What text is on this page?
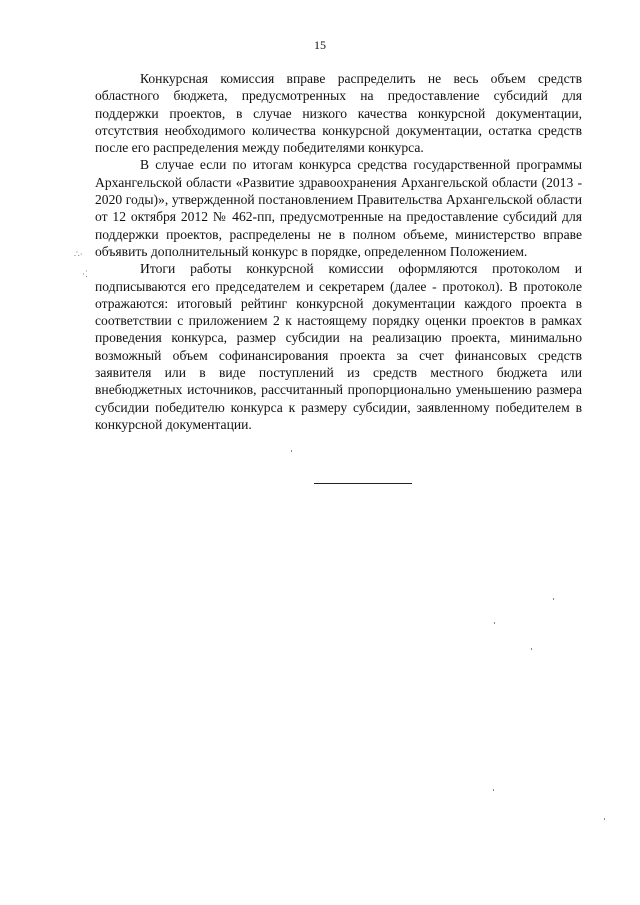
15

Конкурсная комиссия вправе распределить не весь объем средств областного бюджета, предусмотренных на предоставление субсидий для поддержки проектов, в случае низкого качества конкурсной документации, отсутствия необходимого количества конкурсной документации, остатка средств после его распределения между победителями конкурса.

В случае если по итогам конкурса средства государственной программы Архангельской области «Развитие здравоохранения Архангельской области (2013 - 2020 годы)», утвержденной постановлением Правительства Архангельской области от 12 октября 2012 № 462-пп, предусмотренные на предоставление субсидий для поддержки проектов, распределены не в полном объеме, министерство вправе объявить дополнительный конкурс в порядке, определенном Положением.

Итоги работы конкурсной комиссии оформляются протоколом и подписываются его председателем и секретарем (далее - протокол). В протоколе отражаются: итоговый рейтинг конкурсной документации каждого проекта в соответствии с приложением 2 к настоящему порядку оценки проектов в рамках проведения конкурса, размер субсидии на реализацию проекта, минимально возможный объем софинансирования проекта за счет финансовых средств заявителя или в виде поступлений из средств местного бюджета или внебюджетных источников, рассчитанный пропорционально уменьшению размера субсидии победителю конкурса к размеру субсидии, заявленному победителем в конкурсной документации.

∴·
·⁚
